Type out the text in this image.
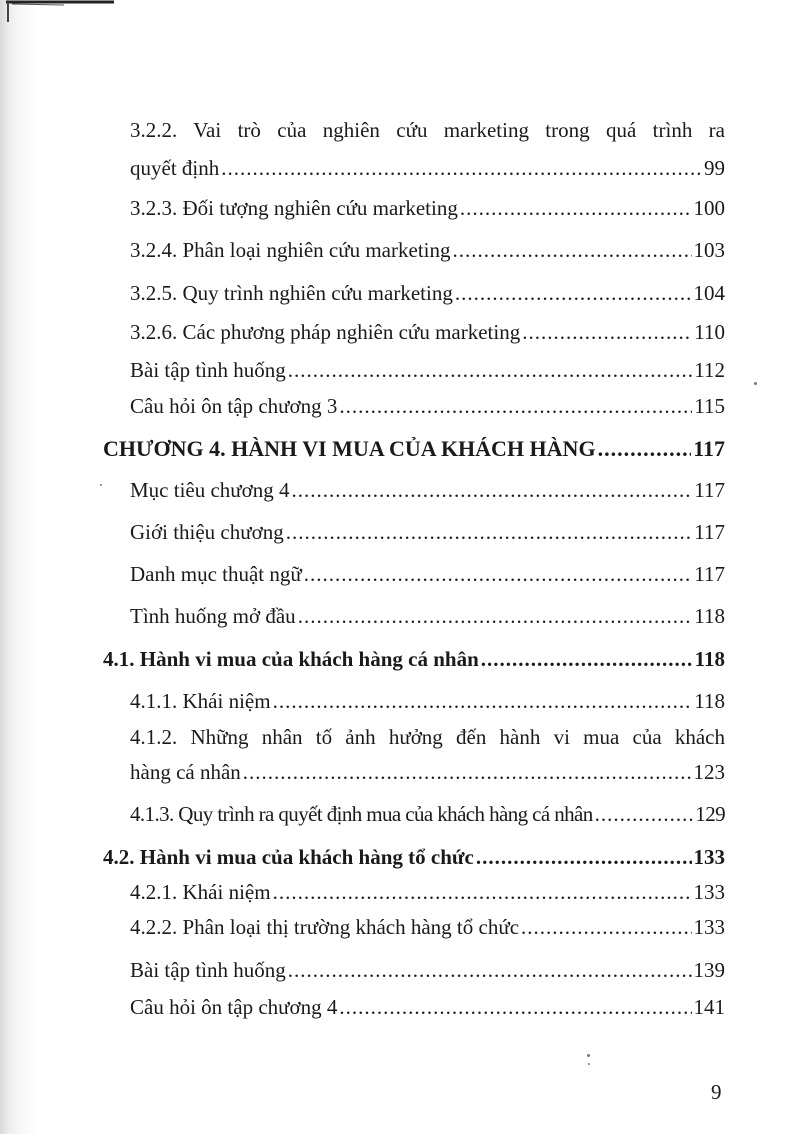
3.2.2. Vai trò của nghiên cứu marketing trong quá trình ra
quyết định .....	99
3.2.3. Đối tượng nghiên cứu marketing .....	100
3.2.4. Phân loại nghiên cứu marketing .....	103
3.2.5. Quy trình nghiên cứu marketing .....	104
3.2.6. Các phương pháp nghiên cứu marketing .....	110
Bài tập tình huống .....	112
Câu hỏi ôn tập chương 3 .....	115
CHƯƠNG 4. HÀNH VI MUA CỦA KHÁCH HÀNG .....	117
Mục tiêu chương 4 .....	117
Giới thiệu chương .....	117
Danh mục thuật ngữ .....	117
Tình huống mở đầu .....	118
4.1. Hành vi mua của khách hàng cá nhân .....	118
4.1.1. Khái niệm .....	118
4.1.2. Những nhân tố ảnh hưởng đến hành vi mua của khách
hàng cá nhân .....	123
4.1.3. Quy trình ra quyết định mua của khách hàng cá nhân .....	129
4.2. Hành vi mua của khách hàng tổ chức .....	133
4.2.1. Khái niệm .....	133
4.2.2. Phân loại thị trường khách hàng tổ chức .....	133
Bài tập tình huống .....	139
Câu hỏi ôn tập chương 4 .....	141
9
